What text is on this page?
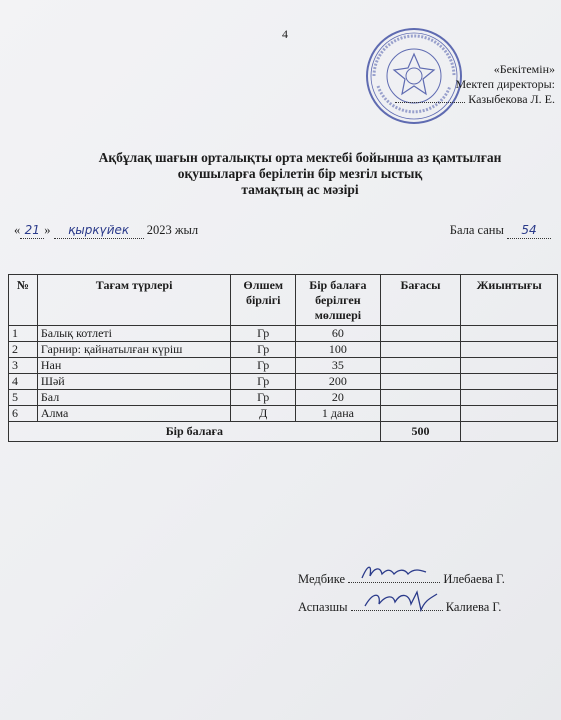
4
«Бекітемін»
Мектеп директоры:
Казыбекова Л. Е.
Ақбұлақ шағын орталықты орта мектебі бойынша аз қамтылған
оқушыларға берілетін бір мезгіл ыстық
тамақтың ас мәзірі
« 21 » қыркүйек 2023 жыл	Бала саны 54
№	Тағам түрлері	Өлшем бірлігі	Бір балаға берілген мөлшері	Бағасы	Жиынтығы
1	Балық котлеті	Гр	60		
2	Гарнир: қайнатылған күріш	Гр	100		
3	Нан	Гр	35		
4	Шәй	Гр	200		
5	Бал	Гр	20		
6	Алма	Д	1 дана		
Бір балаға				500	
Медбике	Илебаева Г.
Аспазшы	Калиева Г.
